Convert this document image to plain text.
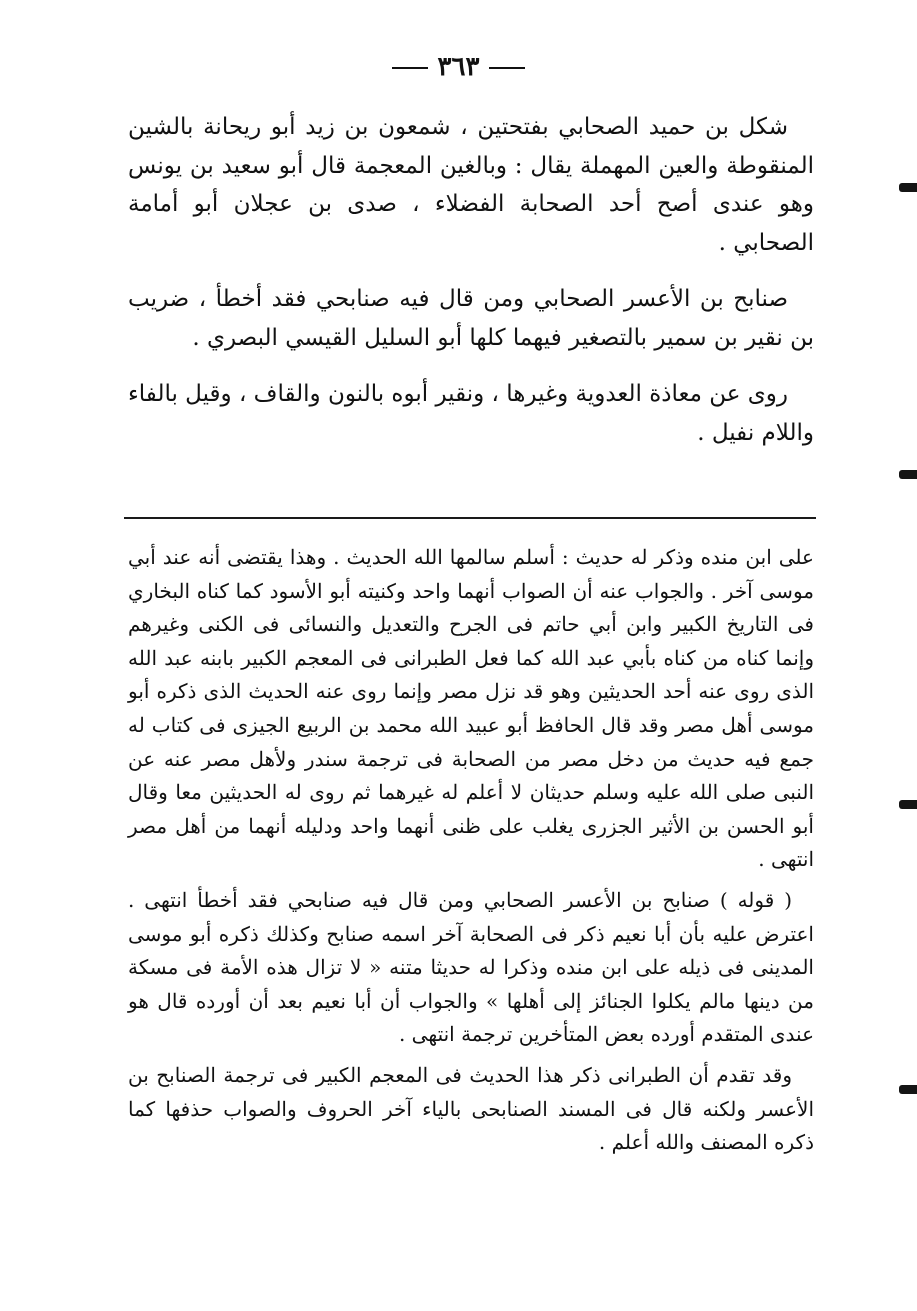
٣٦٣

شكل بن حميد الصحابي بفتحتين ، شمعون بن زيد أبو ريحانة بالشين المنقوطة والعين المهملة يقال : وبالغين المعجمة قال أبو سعيد بن يونس وهو عندى أصح أحد الصحابة الفضلاء ، صدى بن عجلان أبو أمامة الصحابي .

صنابح بن الأعسر الصحابي ومن قال فيه صنابحي فقد أخطأ ، ضريب بن نقير بن سمير بالتصغير فيهما كلها أبو السليل القيسي البصري .

روى عن معاذة العدوية وغيرها ، ونقير أبوه بالنون والقاف ، وقيل بالفاء واللام نفيل .

على ابن منده وذكر له حديث : أسلم سالمها الله الحديث . وهذا يقتضى أنه عند أبي موسى آخر . والجواب عنه أن الصواب أنهما واحد وكنيته أبو الأسود كما كناه البخاري فى التاريخ الكبير وابن أبي حاتم فى الجرح والتعديل والنسائى فى الكنى وغيرهم وإنما كناه من كناه بأبي عبد الله كما فعل الطبرانى فى المعجم الكبير بابنه عبد الله الذى روى عنه أحد الحديثين وهو قد نزل مصر وإنما روى عنه الحديث الذى ذكره أبو موسى أهل مصر وقد قال الحافظ أبو عبيد الله محمد بن الربيع الجيزى فى كتاب له جمع فيه حديث من دخل مصر من الصحابة فى ترجمة سندر ولأهل مصر عنه عن النبى صلى الله عليه وسلم حديثان لا أعلم له غيرهما ثم روى له الحديثين معا وقال أبو الحسن بن الأثير الجزرى يغلب على ظنى أنهما واحد ودليله أنهما من أهل مصر انتهى .

( قوله ) صنابح بن الأعسر الصحابي ومن قال فيه صنابحي فقد أخطأ انتهى . اعترض عليه بأن أبا نعيم ذكر فى الصحابة آخر اسمه صنابح وكذلك ذكره أبو موسى المدينى فى ذيله على ابن منده وذكرا له حديثا متنه « لا تزال هذه الأمة فى مسكة من دينها مالم يكلوا الجنائز إلى أهلها » والجواب أن أبا نعيم بعد أن أورده قال هو عندى المتقدم أورده بعض المتأخرين ترجمة انتهى .

وقد تقدم أن الطبرانى ذكر هذا الحديث فى المعجم الكبير فى ترجمة الصنابح بن الأعسر ولكنه قال فى المسند الصنابحى بالياء آخر الحروف والصواب حذفها كما ذكره المصنف والله أعلم .
